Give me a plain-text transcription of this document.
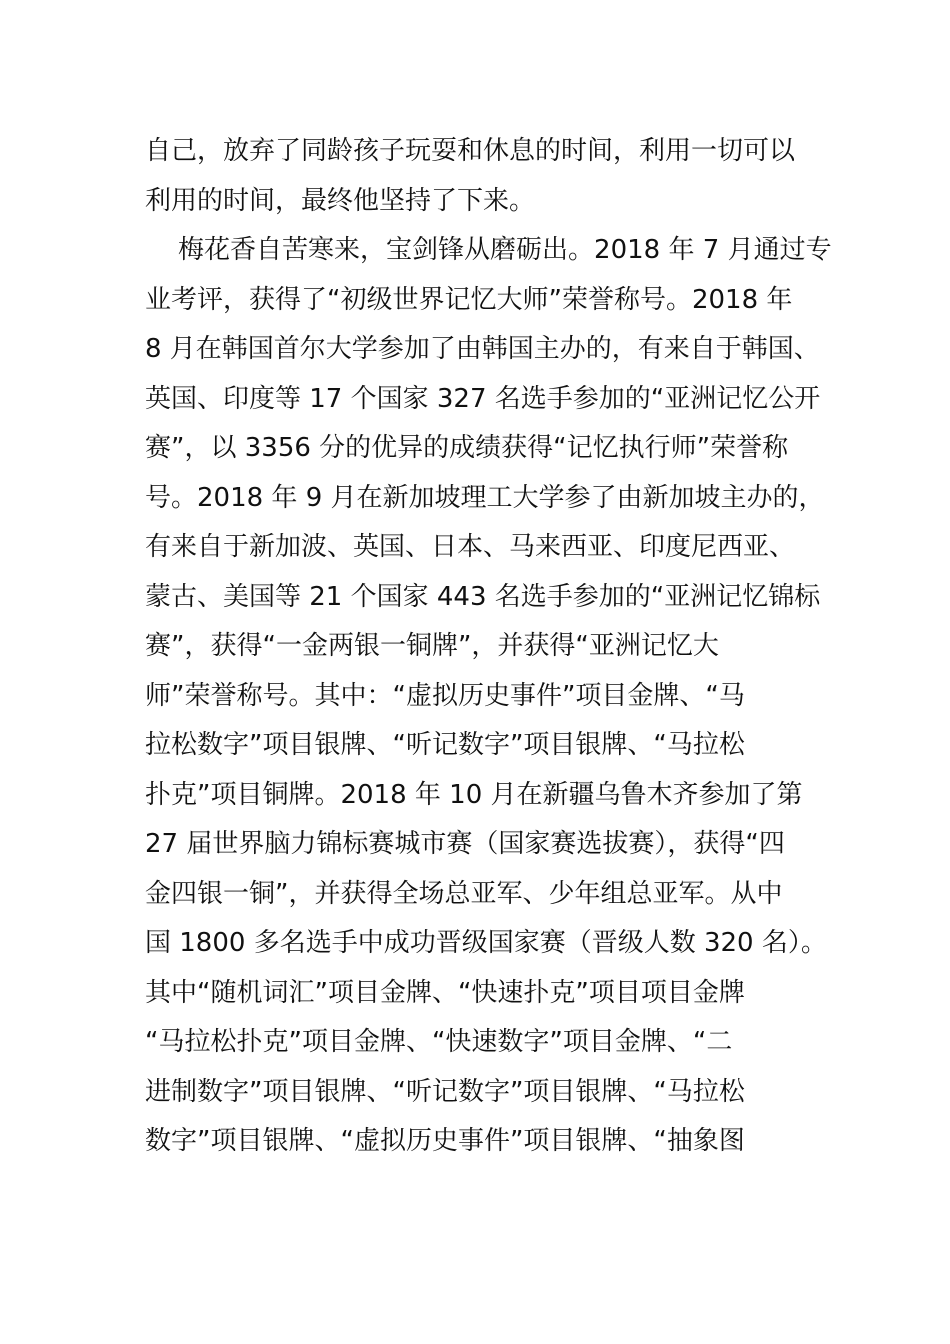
自己，放弃了同龄孩子玩耍和休息的时间，利用一切可以
利用的时间，最终他坚持了下来。
梅花香自苦寒来，宝剑锋从磨砺出。2018 年 7 月通过专
业考评，获得了“初级世界记忆大师”荣誉称号。2018 年
8 月在韩国首尔大学参加了由韩国主办的，有来自于韩国、
英国、印度等 17 个国家 327 名选手参加的“亚洲记忆公开
赛”，以 3356 分的优异的成绩获得“记忆执行师”荣誉称
号。2018 年 9 月在新加坡理工大学参了由新加坡主办的，
有来自于新加波、英国、日本、马来西亚、印度尼西亚、
蒙古、美国等 21 个国家 443 名选手参加的“亚洲记忆锦标
赛”，获得“一金两银一铜牌”，并获得“亚洲记忆大
师”荣誉称号。其中：“虚拟历史事件”项目金牌、“马
拉松数字”项目银牌、“听记数字”项目银牌、“马拉松
扑克”项目铜牌。2018 年 10 月在新疆乌鲁木齐参加了第
27 届世界脑力锦标赛城市赛（国家赛选拔赛），获得“四
金四银一铜”，并获得全场总亚军、少年组总亚军。从中
国 1800 多名选手中成功晋级国家赛（晋级人数 320 名）。
其中“随机词汇”项目金牌、“快速扑克”项目项目金牌
“马拉松扑克”项目金牌、“快速数字”项目金牌、“二
进制数字”项目银牌、“听记数字”项目银牌、“马拉松
数字”项目银牌、“虚拟历史事件”项目银牌、“抽象图
